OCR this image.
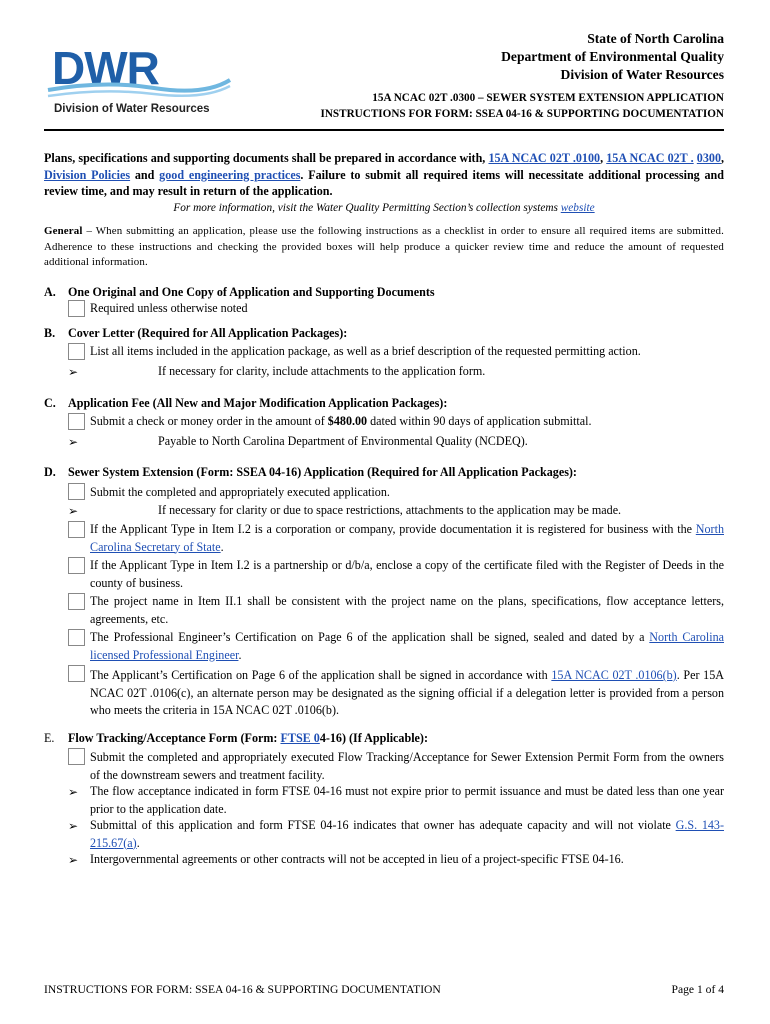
DWR
Division of Water Resources
State of North Carolina
Department of Environmental Quality
Division of Water Resources
15A NCAC 02T .0300 – SEWER SYSTEM EXTENSION APPLICATION
INSTRUCTIONS FOR FORM: SSEA 04-16 & SUPPORTING DOCUMENTATION
Plans, specifications and supporting documents shall be prepared in accordance with, 15A NCAC 02T .0100, 15A NCAC 02T . 0300, Division Policies and good engineering practices. Failure to submit all required items will necessitate additional processing and review time, and may result in return of the application.
For more information, visit the Water Quality Permitting Section’s collection systems website
General – When submitting an application, please use the following instructions as a checklist in order to ensure all required items are submitted. Adherence to these instructions and checking the provided boxes will help produce a quicker review time and reduce the amount of requested additional information.
A. One Original and One Copy of Application and Supporting Documents
Required unless otherwise noted
B. Cover Letter (Required for All Application Packages):
List all items included in the application package, as well as a brief description of the requested permitting action.
➢	If necessary for clarity, include attachments to the application form.
C. Application Fee (All New and Major Modification Application Packages):
Submit a check or money order in the amount of $480.00 dated within 90 days of application submittal.
➢	Payable to North Carolina Department of Environmental Quality (NCDEQ).
D. Sewer System Extension (Form: SSEA 04-16) Application (Required for All Application Packages):
Submit the completed and appropriately executed application.
➢	If necessary for clarity or due to space restrictions, attachments to the application may be made.
If the Applicant Type in Item I.2 is a corporation or company, provide documentation it is registered for business with the North Carolina Secretary of State.
If the Applicant Type in Item I.2 is a partnership or d/b/a, enclose a copy of the certificate filed with the Register of Deeds in the county of business.
The project name in Item II.1 shall be consistent with the project name on the plans, specifications, flow acceptance letters, agreements, etc.
The Professional Engineer’s Certification on Page 6 of the application shall be signed, sealed and dated by a North Carolina licensed Professional Engineer.
The Applicant’s Certification on Page 6 of the application shall be signed in accordance with 15A NCAC 02T .0106(b). Per 15A NCAC 02T .0106(c), an alternate person may be designated as the signing official if a delegation letter is provided from a person who meets the criteria in 15A NCAC 02T .0106(b).
E. Flow Tracking/Acceptance Form (Form: FTSE 04-16) (If Applicable):
Submit the completed and appropriately executed Flow Tracking/Acceptance for Sewer Extension Permit Form from the owners of the downstream sewers and treatment facility.
➢ The flow acceptance indicated in form FTSE 04-16 must not expire prior to permit issuance and must be dated less than one year prior to the application date.
➢ Submittal of this application and form FTSE 04-16 indicates that owner has adequate capacity and will not violate G.S. 143-215.67(a).
➢ Intergovernmental agreements or other contracts will not be accepted in lieu of a project-specific FTSE 04-16.
INSTRUCTIONS FOR FORM: SSEA 04-16 & SUPPORTING DOCUMENTATION	Page 1 of 4
